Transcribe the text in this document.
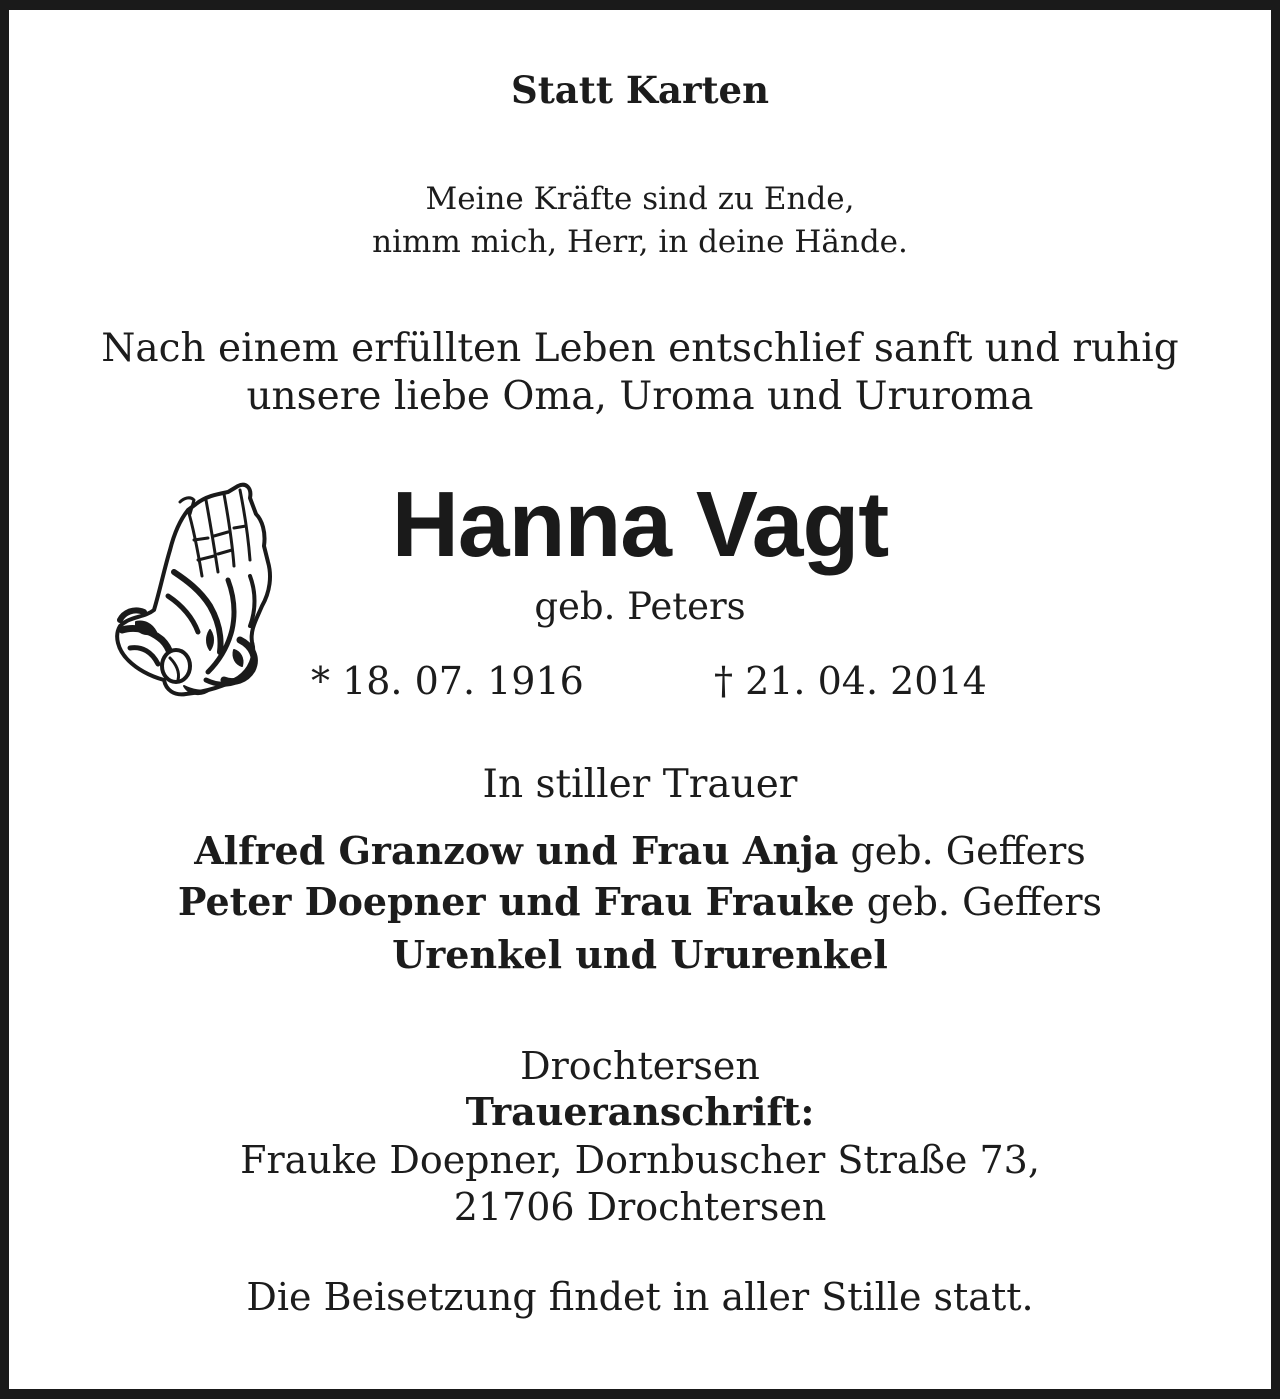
Statt Karten
Meine Kräfte sind zu Ende,
nimm mich, Herr, in deine Hände.
Nach einem erfüllten Leben entschlief sanft und ruhig
unsere liebe Oma, Uroma und Ururoma
Hanna Vagt
geb. Peters
* 18. 07. 1916	† 21. 04. 2014
In stiller Trauer
Alfred Granzow und Frau Anja geb. Geffers
Peter Doepner und Frau Frauke geb. Geffers
Urenkel und Ururenkel
Drochtersen
Traueranschrift:
Frauke Doepner, Dornbuscher Straße 73,
21706 Drochtersen
Die Beisetzung findet in aller Stille statt.
